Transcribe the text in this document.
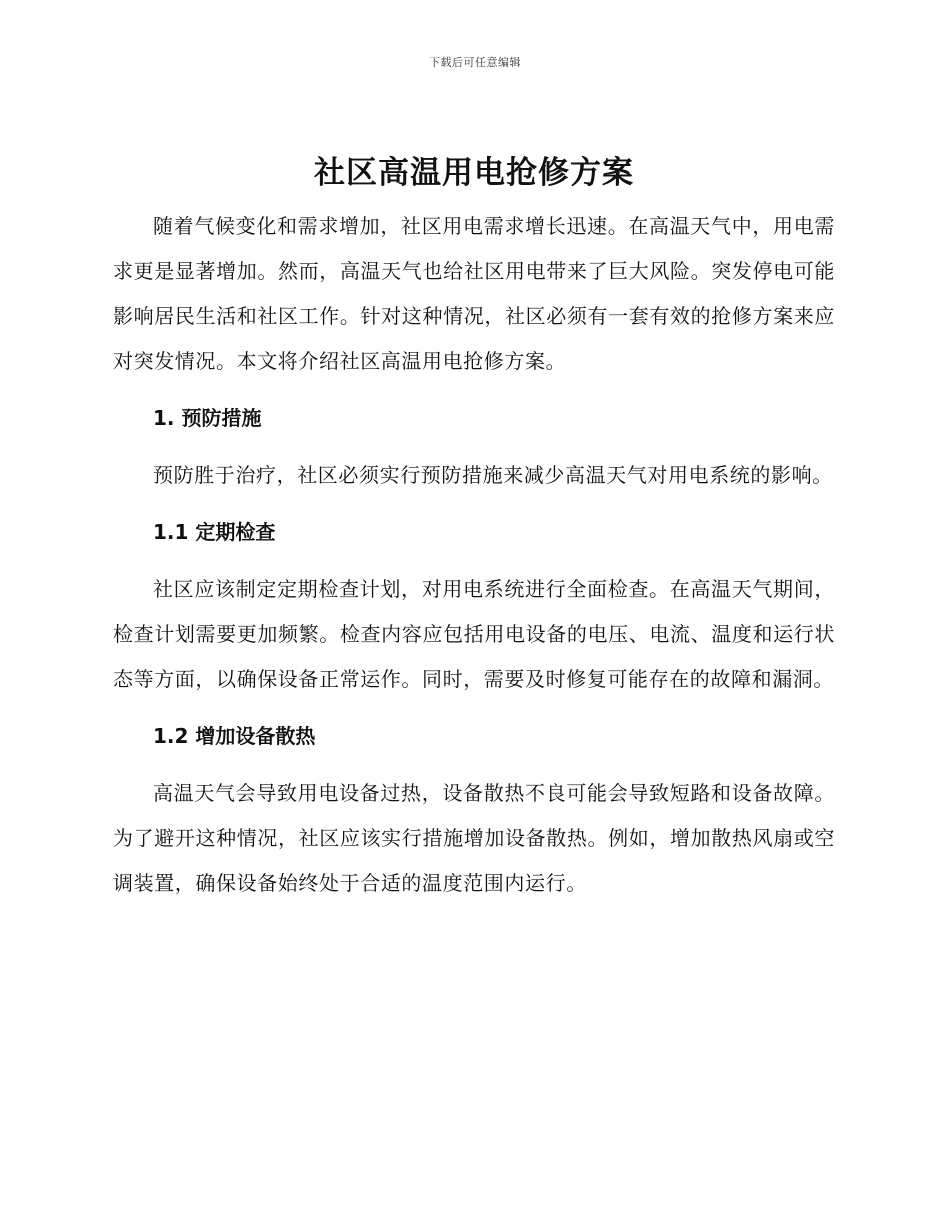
下载后可任意编辑
社区高温用电抢修方案

随着气候变化和需求增加，社区用电需求增长迅速。在高温天气中，用电需求更是显著增加。然而，高温天气也给社区用电带来了巨大风险。突发停电可能影响居民生活和社区工作。针对这种情况，社区必须有一套有效的抢修方案来应对突发情况。本文将介绍社区高温用电抢修方案。

1. 预防措施

预防胜于治疗，社区必须实行预防措施来减少高温天气对用电系统的影响。

1.1 定期检查

社区应该制定定期检查计划，对用电系统进行全面检查。在高温天气期间，检查计划需要更加频繁。检查内容应包括用电设备的电压、电流、温度和运行状态等方面，以确保设备正常运作。同时，需要及时修复可能存在的故障和漏洞。

1.2 增加设备散热

高温天气会导致用电设备过热，设备散热不良可能会导致短路和设备故障。为了避开这种情况，社区应该实行措施增加设备散热。例如，增加散热风扇或空调装置，确保设备始终处于合适的温度范围内运行。
